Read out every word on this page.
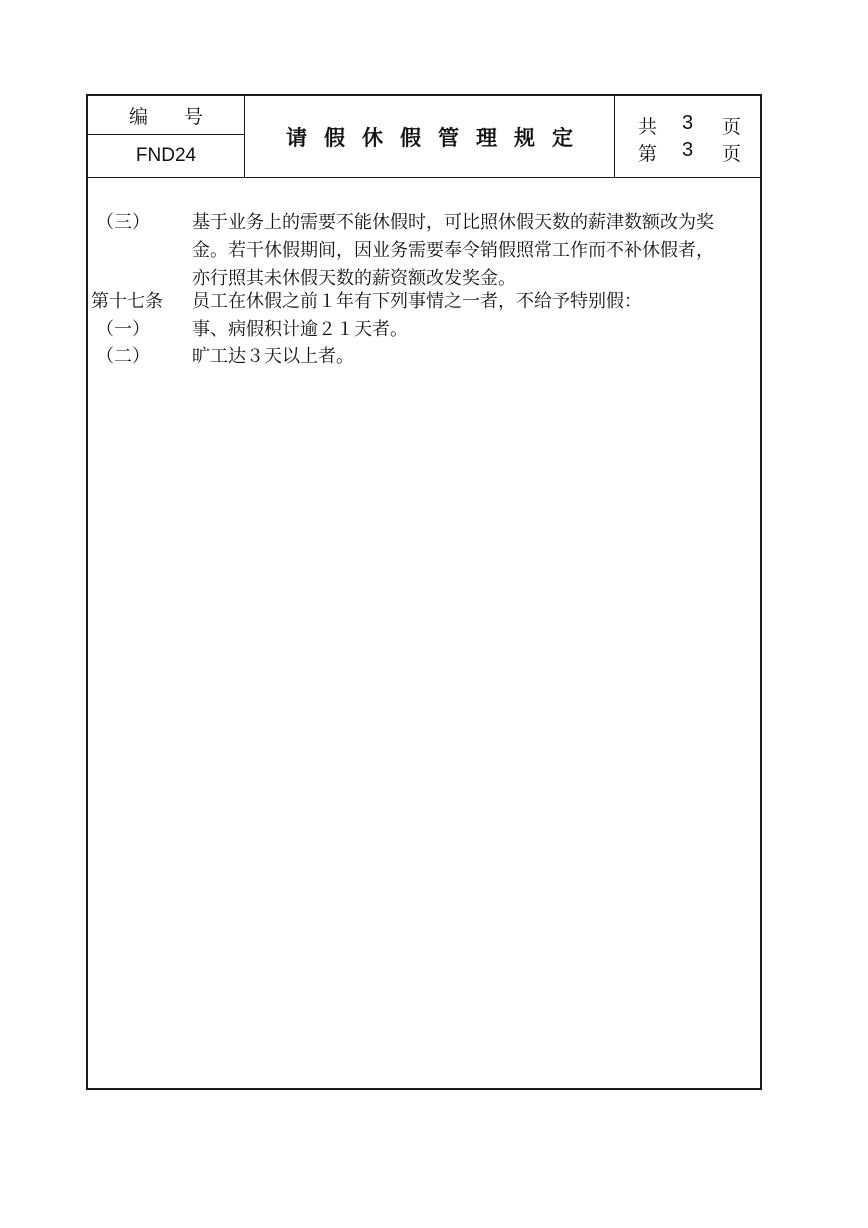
编号
FND24
请假休假管理规定	共 3 页
第 3 页
（三） 基于业务上的需要不能休假时，可比照休假天数的薪津数额改为奖
金。若干休假期间，因业务需要奉令销假照常工作而不补休假者，
亦行照其未休假天数的薪资额改发奖金。
第十七条 员工在休假之前１年有下列事情之一者，不给予特别假：
（一） 事、病假积计逾２１天者。
（二） 旷工达３天以上者。
